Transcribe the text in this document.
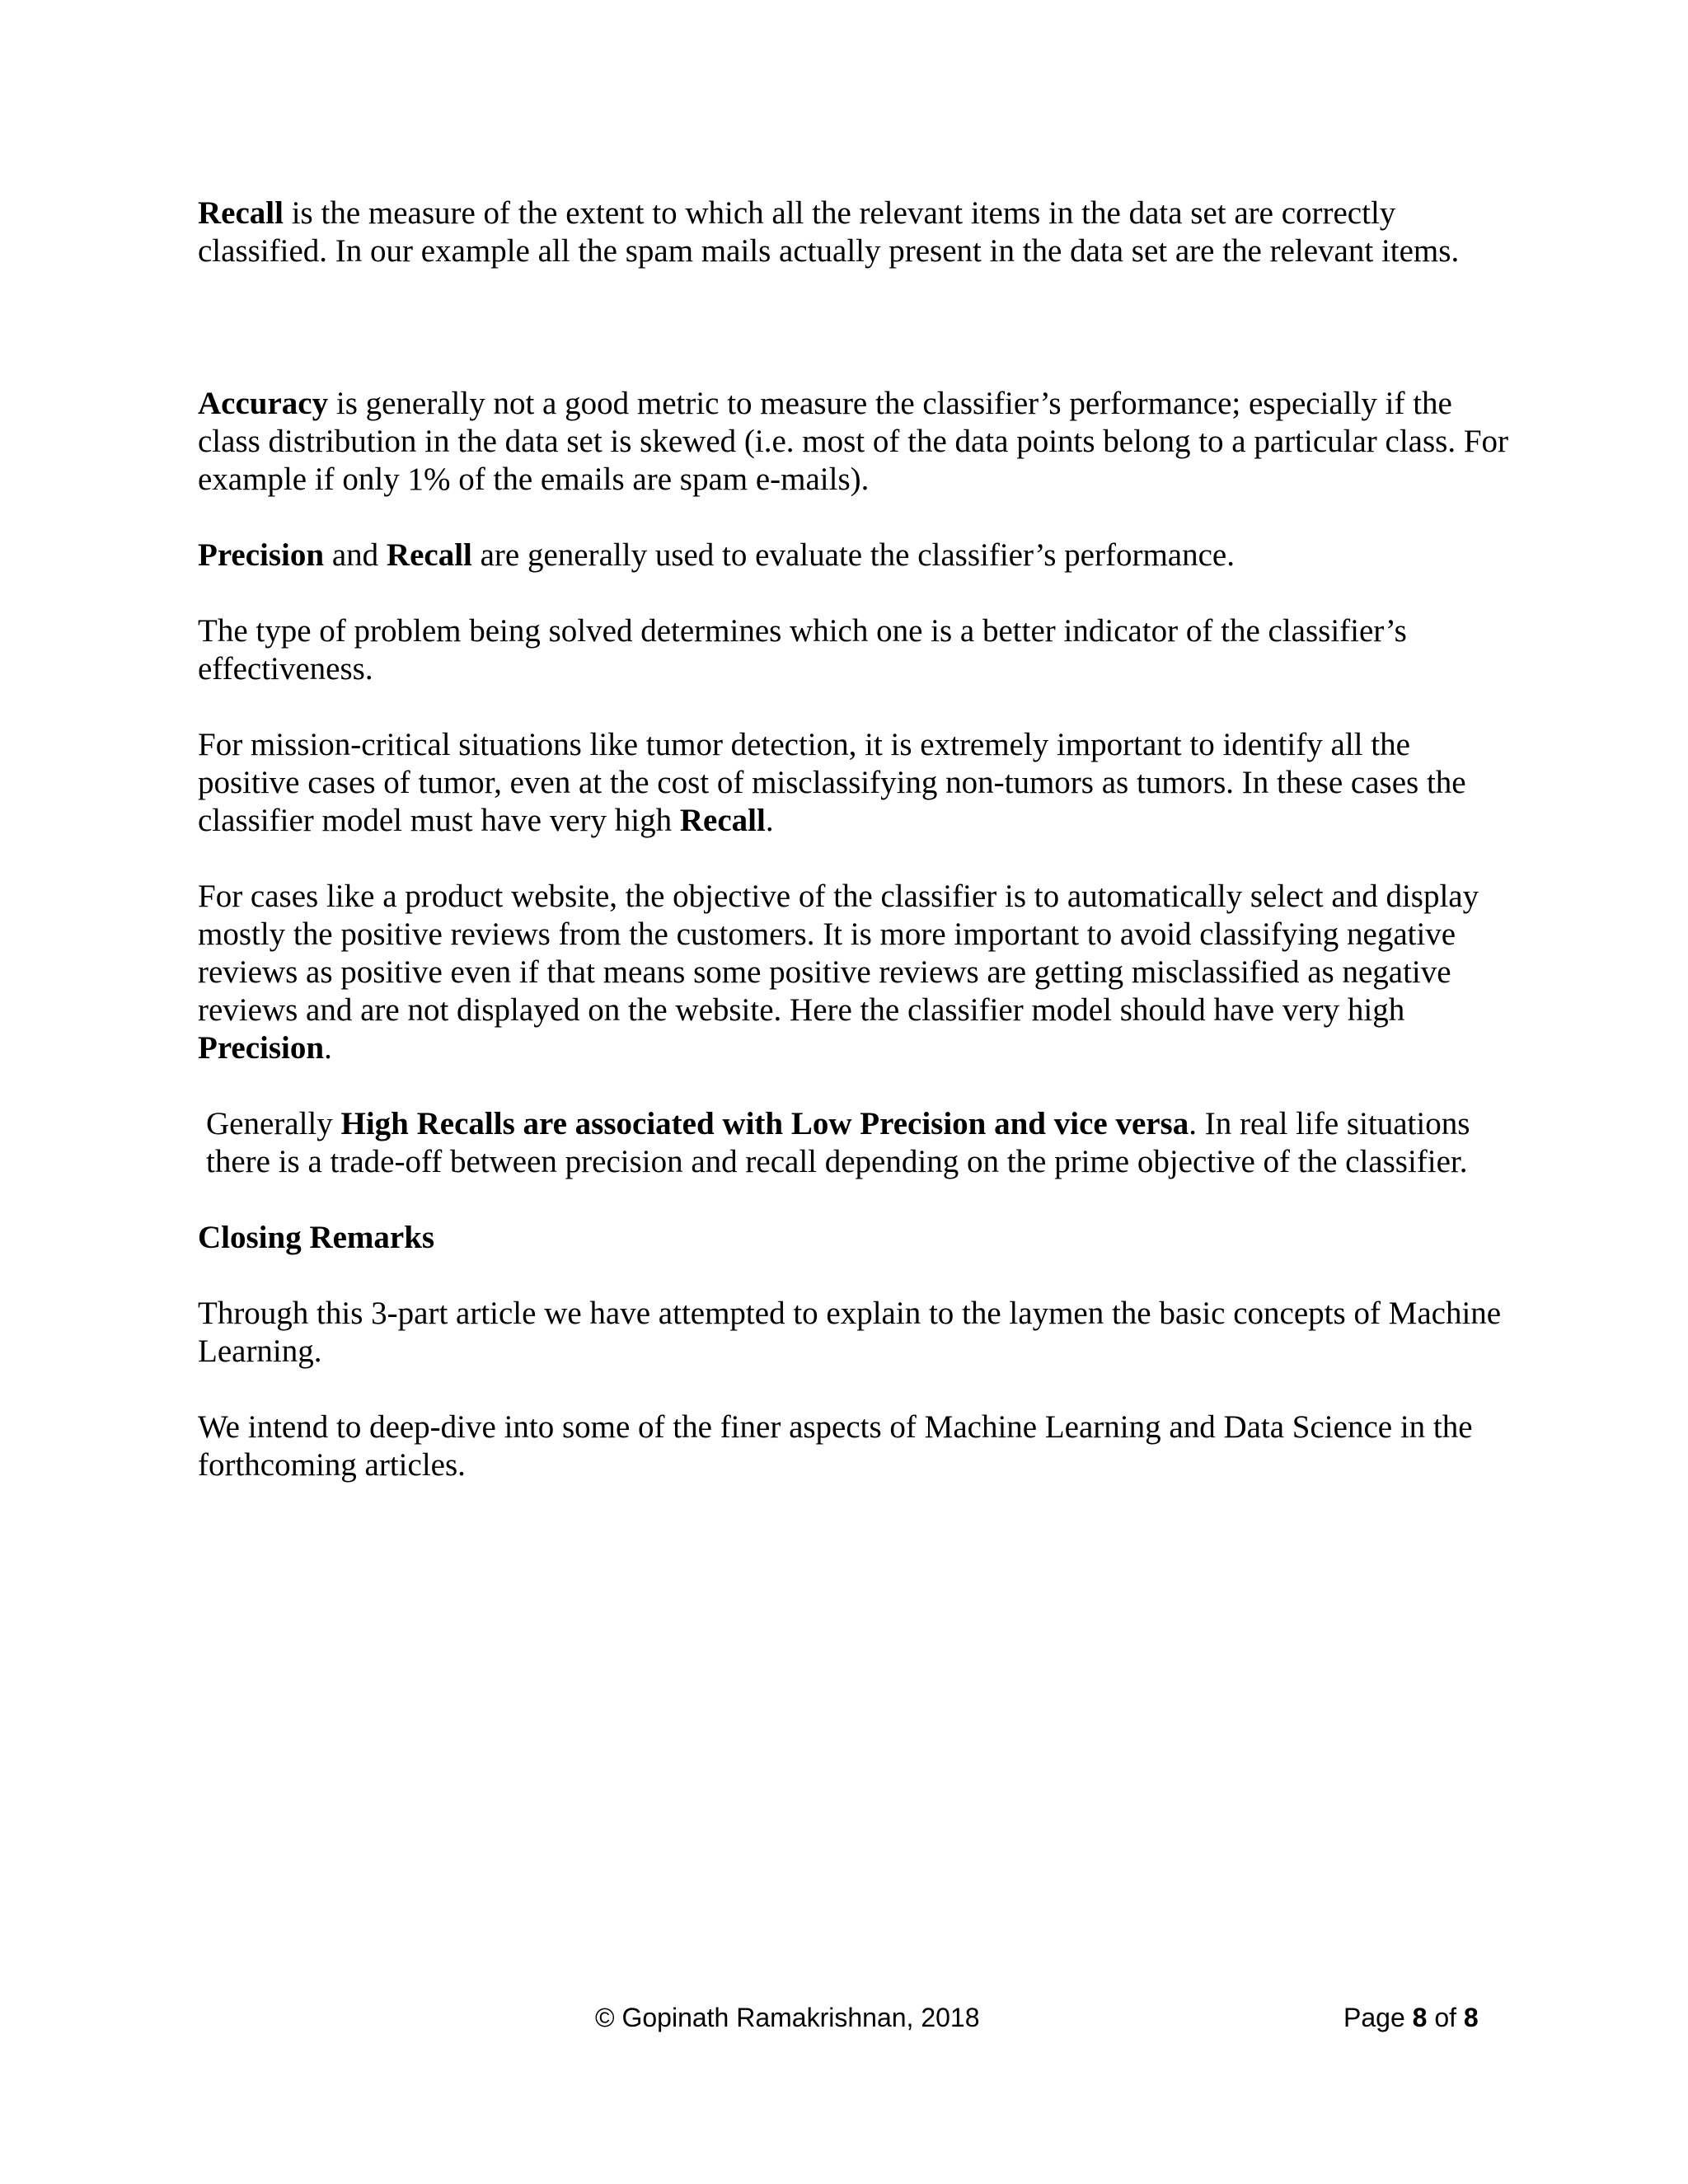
Recall is the measure of the extent to which all the relevant items in the data set are correctly classified. In our example all the spam mails actually present in the data set are the relevant items.

Accuracy is generally not a good metric to measure the classifier’s performance; especially if the class distribution in the data set is skewed (i.e. most of the data points belong to a particular class. For example if only 1% of the emails are spam e-mails).

Precision and Recall are generally used to evaluate the classifier’s performance.

The type of problem being solved determines which one is a better indicator of the classifier’s effectiveness.

For mission-critical situations like tumor detection, it is extremely important to identify all the positive cases of tumor, even at the cost of misclassifying non-tumors as tumors. In these cases the classifier model must have very high Recall.

For cases like a product website, the objective of the classifier is to automatically select and display mostly the positive reviews from the customers. It is more important to avoid classifying negative reviews as positive even if that means some positive reviews are getting misclassified as negative reviews and are not displayed on the website. Here the classifier model should have very high Precision.

Generally High Recalls are associated with Low Precision and vice versa. In real life situations there is a trade-off between precision and recall depending on the prime objective of the classifier.

Closing Remarks

Through this 3-part article we have attempted to explain to the laymen the basic concepts of Machine Learning.

We intend to deep-dive into some of the finer aspects of Machine Learning and Data Science in the forthcoming articles.

© Gopinath Ramakrishnan, 2018	Page 8 of 8
